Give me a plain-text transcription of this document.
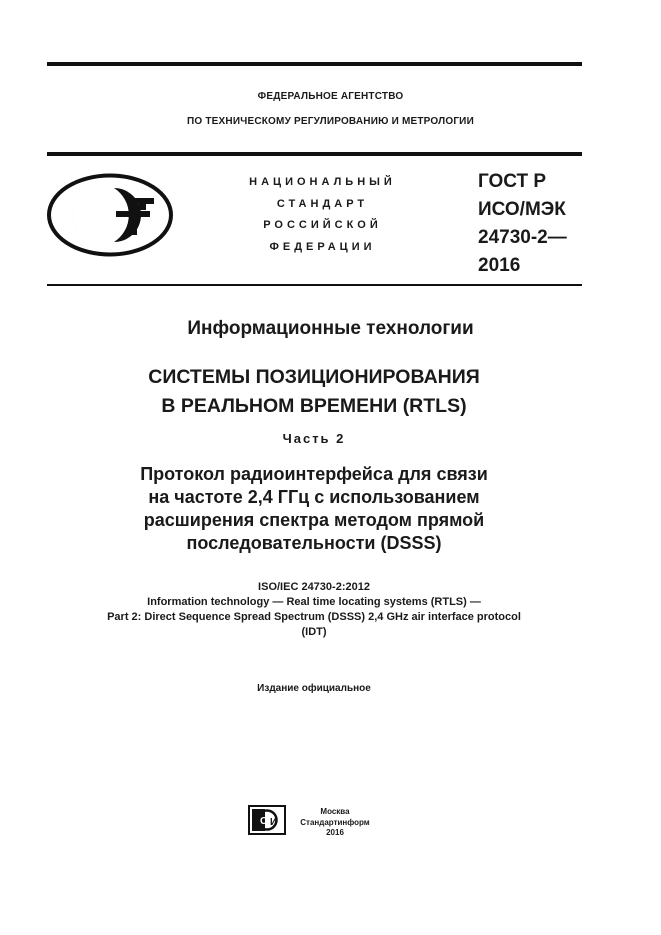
ФЕДЕРАЛЬНОЕ АГЕНТСТВО
ПО ТЕХНИЧЕСКОМУ РЕГУЛИРОВАНИЮ И МЕТРОЛОГИИ
НАЦИОНАЛЬНЫЙ
СТАНДАРТ
РОССИЙСКОЙ
ФЕДЕРАЦИИ
ГОСТ Р
ИСО/МЭК
24730-2—
2016
Информационные технологии
СИСТЕМЫ ПОЗИЦИОНИРОВАНИЯ
В РЕАЛЬНОМ ВРЕМЕНИ (RTLS)
Часть 2
Протокол радиоинтерфейса для связи
на частоте 2,4 ГГц с использованием
расширения спектра методом прямой
последовательности (DSSS)
ISO/IEC 24730-2:2012
Information technology — Real time locating systems (RTLS) —
Part 2: Direct Sequence Spread Spectrum (DSSS) 2,4 GHz air interface protocol
(IDT)
Издание официальное
С И
Москва
Стандартинформ
2016
